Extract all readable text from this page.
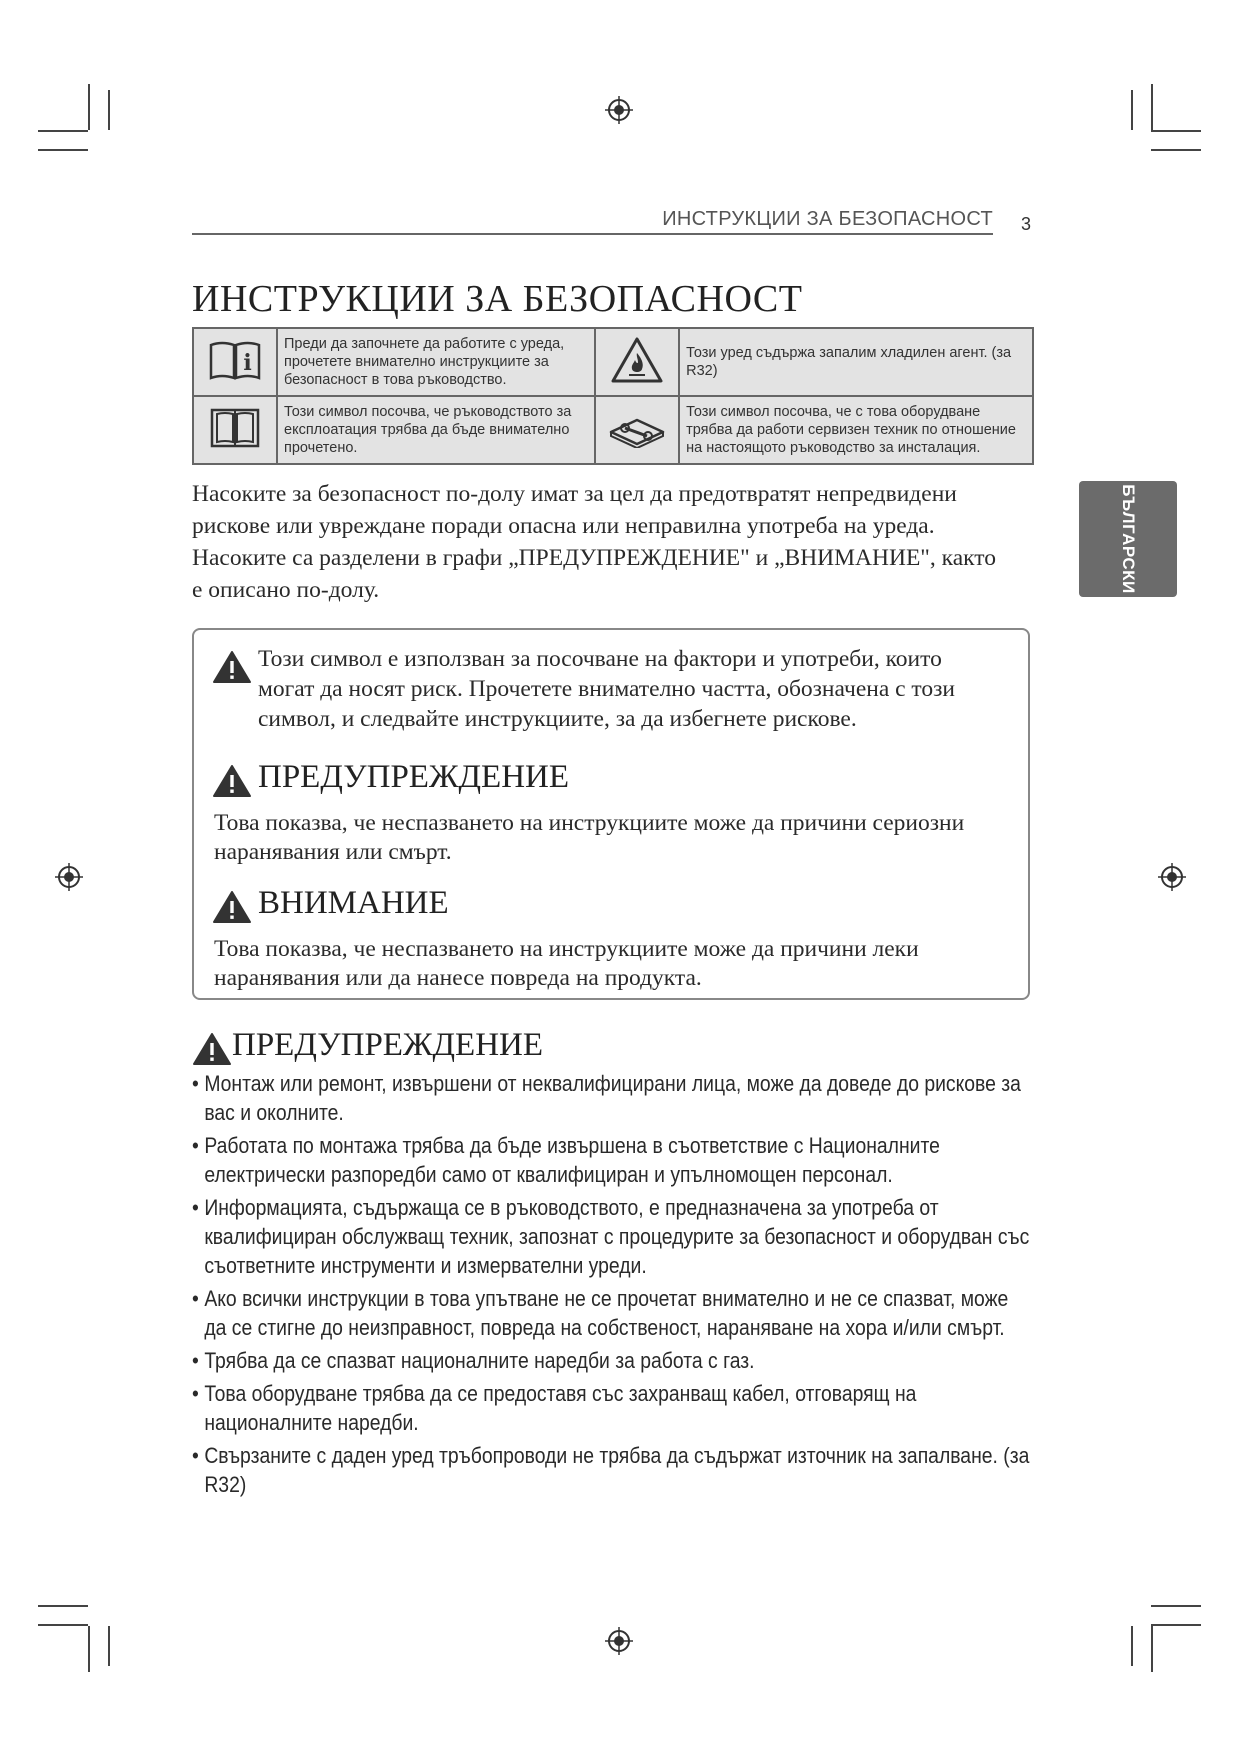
ИНСТРУКЦИИ ЗА БЕЗОПАСНОСТ 3
ИНСТРУКЦИИ ЗА БЕЗОПАСНОСТ
i	Преди да започнете да работите с уреда, прочетете внимателно инструкциите за безопасност в това ръководство.		Този уред съдържа запалим хладилен агент. (за R32)
	Този символ посочва, че ръководството за експлоатация трябва да бъде внимателно прочетено.		Този символ посочва, че с това оборудване трябва да работи сервизен техник по отношение на настоящото ръководство за инсталация.

Насоките за безопасност по-долу имат за цел да предотвратят непредвидени рискове или увреждане поради опасна или неправилна употреба на уреда. Насоките са разделени в графи „ПРЕДУПРЕЖДЕНИЕ" и „ВНИМАНИЕ", както е описано по-долу.	БЪЛГАРСКИ

Този символ е използван за посочване на фактори и употреби, които могат да носят риск. Прочетете внимателно частта, обозначена с този символ, и следвайте инструкциите, за да избегнете рискове.

ПРЕДУПРЕЖДЕНИЕ

Това показва, че неспазването на инструкциите може да причини сериозни наранявания или смърт.

ВНИМАНИЕ

Това показва, че неспазването на инструкциите може да причини леки наранявания или да нанесе повреда на продукта.

ПРЕДУПРЕЖДЕНИЕ
• Монтаж или ремонт, извършени от неквалифицирани лица, може да доведе до рискове за вас и околните.
• Работата по монтажа трябва да бъде извършена в съответствие с Националните електрически разпоредби само от квалифициран и упълномощен персонал.
• Информацията, съдържаща се в ръководството, е предназначена за употреба от квалифициран обслужващ техник, запознат с процедурите за безопасност и оборудван със съответните инструменти и измервателни уреди.
• Ако всички инструкции в това упътване не се прочетат внимателно и не се спазват, може да се стигне до неизправност, повреда на собственост, нараняване на хора и/или смърт.
• Трябва да се спазват националните наредби за работа с газ.
• Това оборудване трябва да се предоставя със захранващ кабел, отговарящ на националните наредби.
• Свързаните с даден уред тръбопроводи не трябва да съдържат източник на запалване. (за R32)
